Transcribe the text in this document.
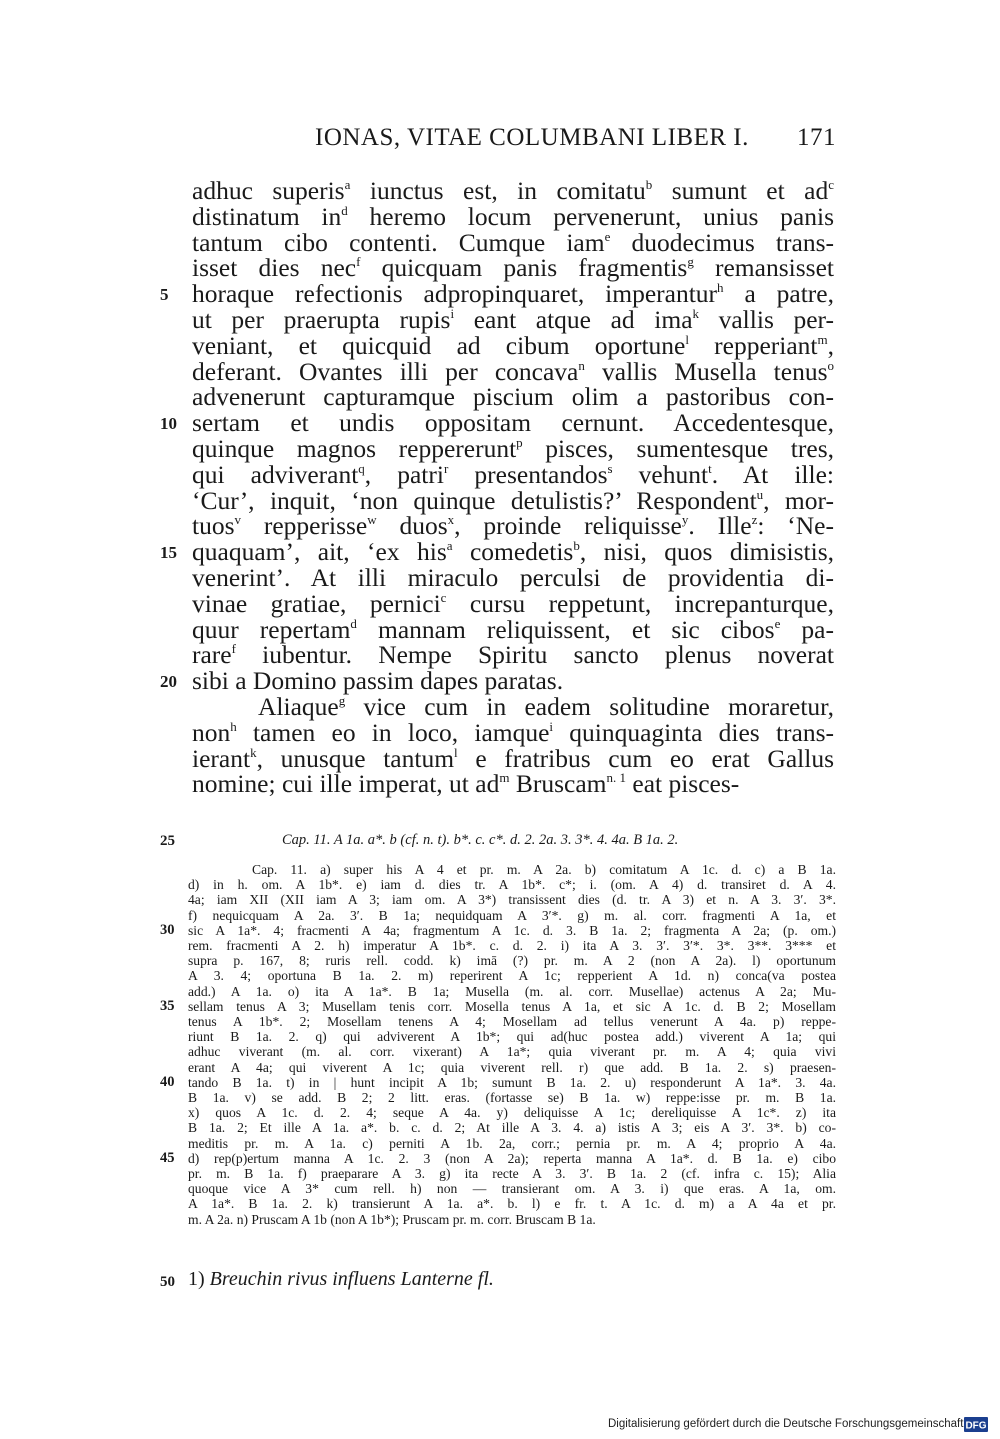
IONAS, VITAE COLUMBANI LIBER I. 171
adhuc superis$^a$ iunctus est, in comitatu$^b$ sumunt et $ad^c$
distinatum $in^d$ heremo locum pervenerunt, unius panis
tantum cibo contenti. Cumque iam$^e$ duodecimus trans-
isset dies nec$^f$ quicquam panis fragmentis$^g$ remansisset
horaque refectionis adpropinquaret, imperantur$^h$ a patre,
5
ut per praerupta rupis$^i$ eant atque ad ima$^k$ vallis per-
veniant, et quicquid ad cibum oportune$^l$ repperiant$^m$,
deferant. Ovantes illi per concava$^n$ vallis Musella tenus$^o$
advenerunt capturamque piscium olim a pastoribus con-
sertam et undis oppositam cernunt. Accedentesque,
10
quinque magnos reppererunt$^p$ pisces, sumentesque tres,
qui adviverant$^q$, patri$^r$ presentandos$^s$ vehunt$^t$. At ille:
‘Cur’, inquit, ‘non quinque detulistis?’ Respondent$^u$, mor-
tuos$^v$ repperisse$^w$ duos$^x$, proinde reliquisse$^y$. Ille$^z$: ‘Ne-
quaquam’, ait, ‘ex his$^a$ comedetis$^b$, nisi, quos dimisistis,
15
venerint’. At illi miraculo perculsi de providentia di-
vinae gratiae, pernici$^c$ cursu reppetunt, increpanturque,
quur repertam$^d$ mannam reliquissent, et sic cibos$^e$ pa-
rare$^f$ iubentur. Nempe Spiritu sancto plenus noverat
sibi a Domino passim dapes paratas.
20
Aliaque$^g$ vice cum in eadem solitudine moraretur,
non$^h$ tamen eo in loco, iamque$^i$ quinquaginta dies trans-
ierant$^k$, unusque tantum$^l$ e fratribus cum eo erat Gallus
nomine; cui ille imperat, ut $ad^m$ Bruscam$^{n. 1}$ eat pisces-
25	Cap. 11. A 1a. a*. b (cf. n. t). b*. c. c*. d. 2. 2a. 3. 3*. 4. 4a. B 1a. 2.
Cap. 11. a) super his A 4 et pr. m. A 2a. b) comitatum A 1c. d. c) a B 1a.
d) in h. om. A 1b*. e) iam d. dies tr. A 1b*. c*; i. (om. A 4) d. transiret d. A 4.
4a; iam XII (XII iam A 3; iam om. A 3*) transissent dies (d. tr. A 3) et n. A 3. 3′. 3*.
f) nequicquam A 2a. 3′. B 1a; nequidquam A 3′*. g) m. al. corr. fragmenti A 1a, et
sic A 1a*. 4; fracmenti A 4a; fragmentum A 1c. d. 3. B 1a. 2; fragmenta A 2a; (p. om.)
30
rem. fracmenti A 2. h) imperatur A 1b*. c. d. 2. i) ita A 3. 3′. 3′*. 3*. 3**. 3*** et
supra p. 167, 8; ruris rell. codd. k) imā (?) pr. m. A 2 (non A 2a). l) oportunum
A 3. 4; oportuna B 1a. 2. m) reperirent A 1c; repperient A 1d. n) conca(va postea
add.) A 1a. o) ita A 1a*. B 1a; Musella (m. al. corr. Musellae) actenus A 2a; Mu-
sellam tenus A 3; Musellam tenis corr. Mosella tenus A 1a, et sic A 1c. d. B 2; Mosellam
35
tenus A 1b*. 2; Mosellam tenens A 4; Mosellam ad tellus venerunt A 4a. p) reppe-
riunt B 1a. 2. q) qui adviverent A 1b*; qui ad(huc postea add.) viverent A 1a; qui
adhuc viverant (m. al. corr. vixerant) A 1a*; quia viverant pr. m. A 4; quia vivi
erant A 4a; qui viverent A 1c; quia viverent rell. r) que add. B 1a. 2. s) praesen-
tando B 1a. t) in | hunt incipit A 1b; sumunt B 1a. 2. u) responderunt A 1a*. 3. 4a.
40
B 1a. v) se add. B 2; 2 litt. eras. (fortasse se) B 1a. w) reppe:isse pr. m. B 1a.
x) quos A 1c. d. 2. 4; seque A 4a. y) deliquisse A 1c; dereliquisse A 1c*. z) ita
B 1a. 2; Et ille A 1a. a*. b. c. d. 2; At ille A 3. 4. a) istis A 3; eis A 3′. 3*. b) co-
meditis pr. m. A 1a. c) perniti A 1b. 2a, corr.; pernia pr. m. A 4; proprio A 4a.
d) rep(p)ertum manna A 1c. 2. 3 (non A 2a); reperta manna A 1a*. d. B 1a. e) cibo
45
pr. m. B 1a. f) praeparare A 3. g) ita recte A 3. 3′. B 1a. 2 (cf. infra c. 15); Alia
quoque vice A 3* cum rell. h) non — transierant om. A 3. i) que eras. A 1a, om.
A 1a*. B 1a. 2. k) transierunt A 1a. a*. b. l) e fr. t. A 1c. d. m) a A 4a et pr.
m. A 2a. n) Pruscam A 1b (non A 1b*); Pruscam pr. m. corr. Bruscam B 1a.
50 1) Breuchin rivus influens Lanterne fl.
Digitalisierung gefördert durch die Deutsche Forschungsgemeinschaft DFG
